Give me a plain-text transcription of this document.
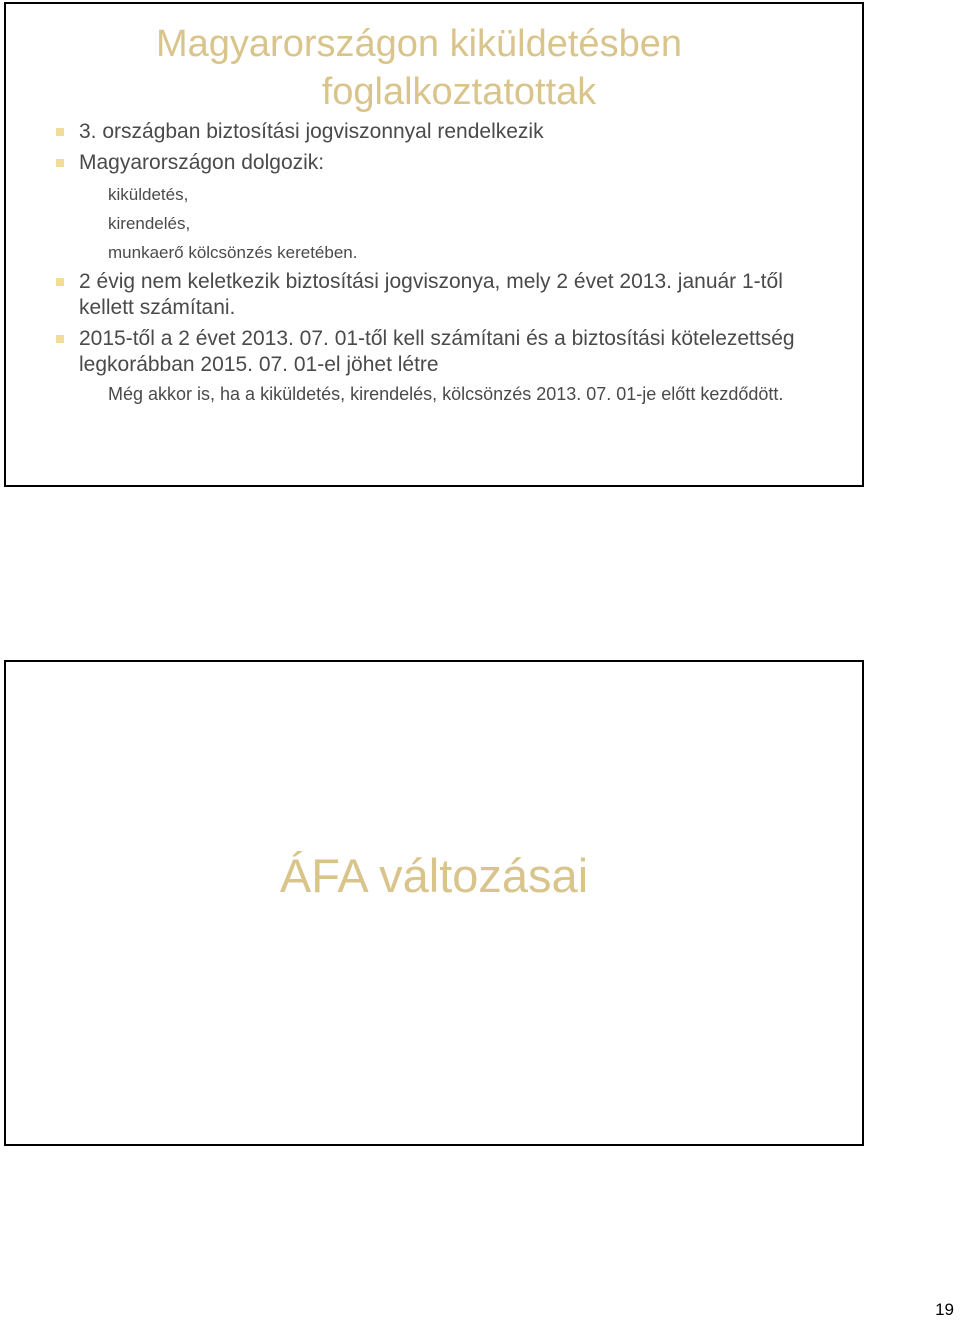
Magyarországon kiküldetésben
foglalkoztatottak
3. országban biztosítási jogviszonnyal rendelkezik
Magyarországon dolgozik:
kiküldetés,
kirendelés,
munkaerő kölcsönzés keretében.
2 évig nem keletkezik biztosítási jogviszonya, mely 2 évet 2013. január 1-től kellett számítani.
2015-től a 2 évet 2013. 07. 01-től kell számítani és a biztosítási kötelezettség legkorábban 2015. 07. 01-el jöhet létre
Még akkor is, ha a kiküldetés, kirendelés, kölcsönzés 2013. 07. 01-je előtt kezdődött.
ÁFA változásai
19
